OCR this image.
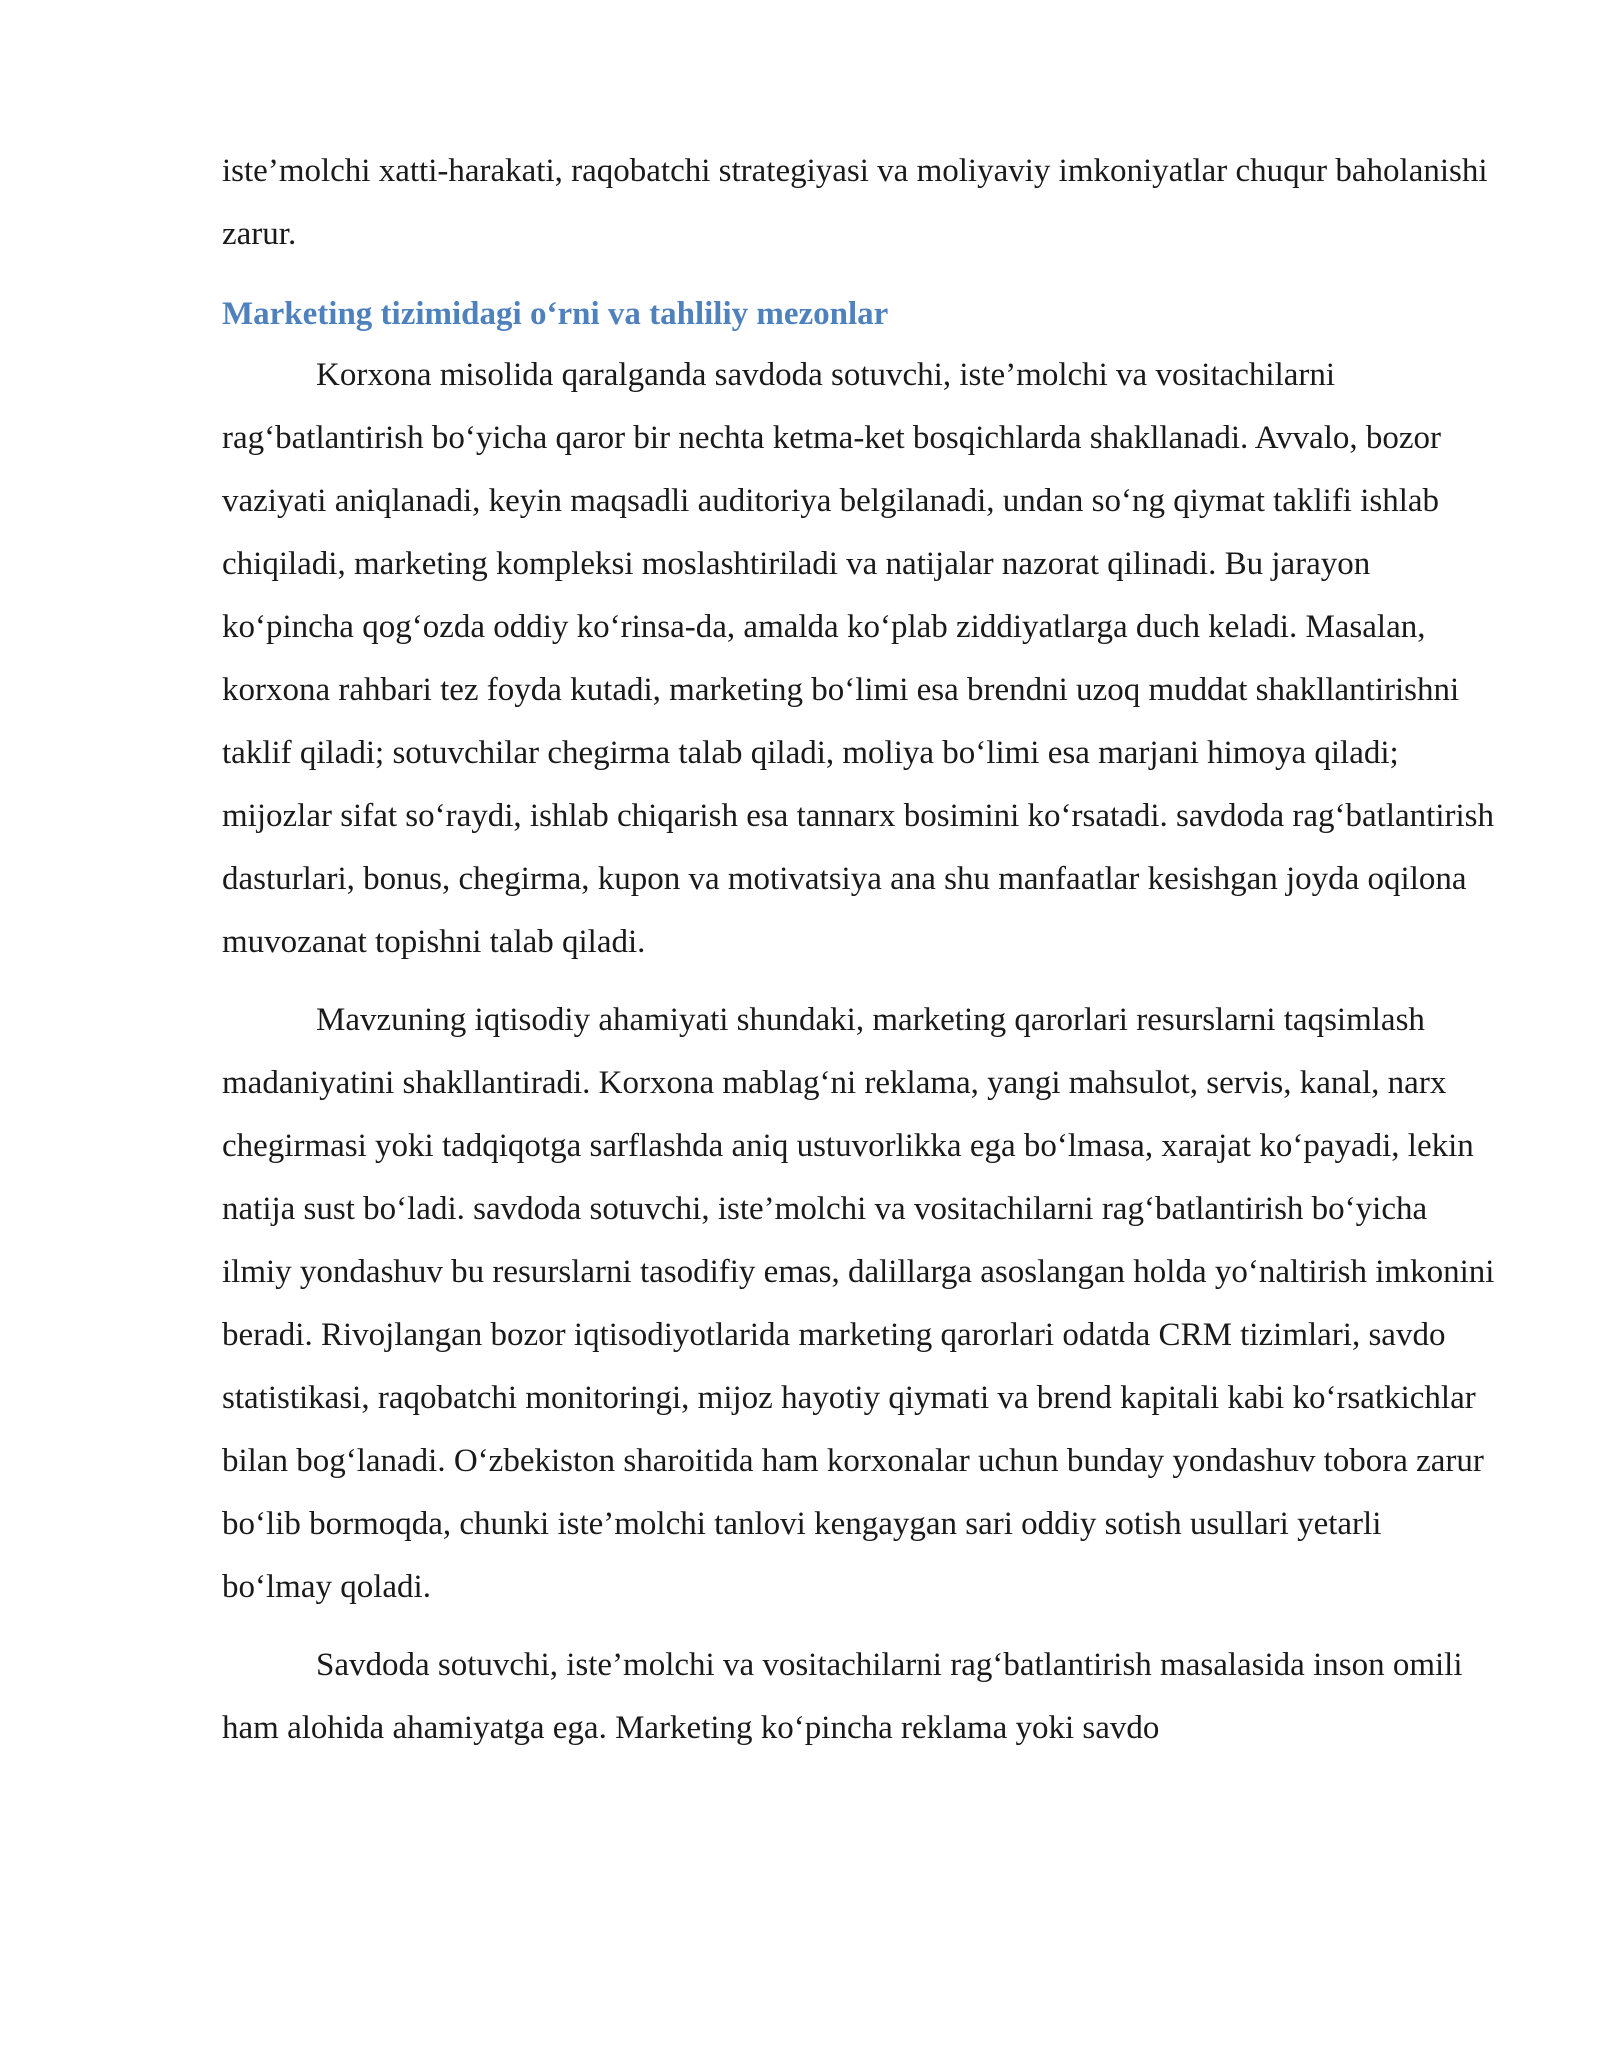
iste’molchi xatti-harakati, raqobatchi strategiyasi va moliyaviy imkoniyatlar chuqur baholanishi zarur.

Marketing tizimidagi o‘rni va tahliliy mezonlar

Korxona misolida qaralganda savdoda sotuvchi, iste’molchi va vositachilarni rag‘batlantirish bo‘yicha qaror bir nechta ketma-ket bosqichlarda shakllanadi. Avvalo, bozor vaziyati aniqlanadi, keyin maqsadli auditoriya belgilanadi, undan so‘ng qiymat taklifi ishlab chiqiladi, marketing kompleksi moslashtiriladi va natijalar nazorat qilinadi. Bu jarayon ko‘pincha qog‘ozda oddiy ko‘rinsa-da, amalda ko‘plab ziddiyatlarga duch keladi. Masalan, korxona rahbari tez foyda kutadi, marketing bo‘limi esa brendni uzoq muddat shakllantirishni taklif qiladi; sotuvchilar chegirma talab qiladi, moliya bo‘limi esa marjani himoya qiladi; mijozlar sifat so‘raydi, ishlab chiqarish esa tannarx bosimini ko‘rsatadi. savdoda rag‘batlantirish dasturlari, bonus, chegirma, kupon va motivatsiya ana shu manfaatlar kesishgan joyda oqilona muvozanat topishni talab qiladi.

Mavzuning iqtisodiy ahamiyati shundaki, marketing qarorlari resurslarni taqsimlash madaniyatini shakllantiradi. Korxona mablag‘ni reklama, yangi mahsulot, servis, kanal, narx chegirmasi yoki tadqiqotga sarflashda aniq ustuvorlikka ega bo‘lmasa, xarajat ko‘payadi, lekin natija sust bo‘ladi. savdoda sotuvchi, iste’molchi va vositachilarni rag‘batlantirish bo‘yicha ilmiy yondashuv bu resurslarni tasodifiy emas, dalillarga asoslangan holda yo‘naltirish imkonini beradi. Rivojlangan bozor iqtisodiyotlarida marketing qarorlari odatda CRM tizimlari, savdo statistikasi, raqobatchi monitoringi, mijoz hayotiy qiymati va brend kapitali kabi ko‘rsatkichlar bilan bog‘lanadi. O‘zbekiston sharoitida ham korxonalar uchun bunday yondashuv tobora zarur bo‘lib bormoqda, chunki iste’molchi tanlovi kengaygan sari oddiy sotish usullari yetarli bo‘lmay qoladi.

Savdoda sotuvchi, iste’molchi va vositachilarni rag‘batlantirish masalasida inson omili ham alohida ahamiyatga ega. Marketing ko‘pincha reklama yoki savdo
